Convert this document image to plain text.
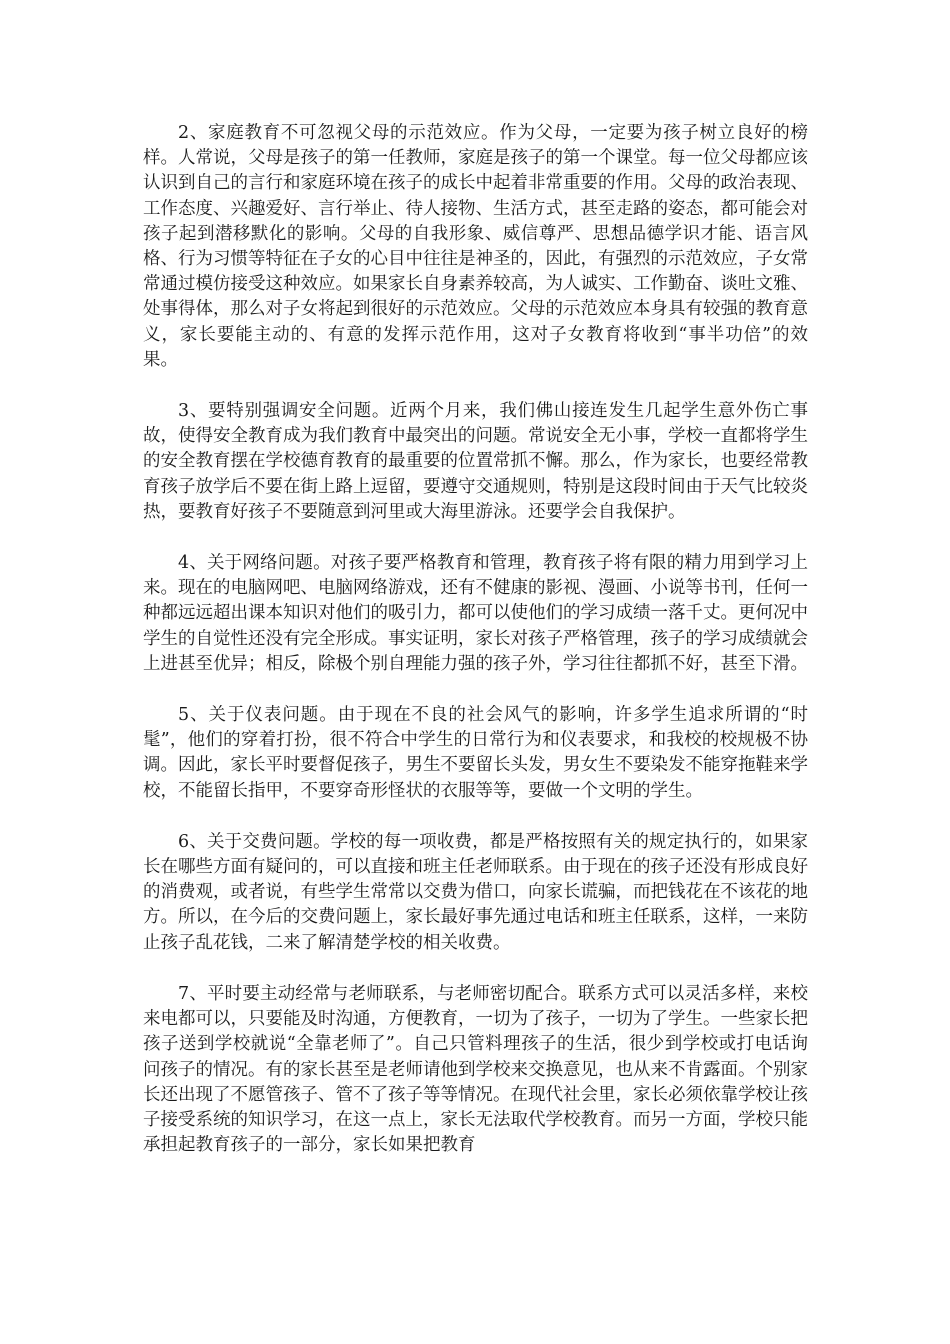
2、家庭教育不可忽视父母的示范效应。作为父母，一定要为孩子树立良好的榜样。人常说，父母是孩子的第一任教师，家庭是孩子的第一个课堂。每一位父母都应该认识到自己的言行和家庭环境在孩子的成长中起着非常重要的作用。父母的政治表现、工作态度、兴趣爱好、言行举止、待人接物、生活方式，甚至走路的姿态，都可能会对孩子起到潜移默化的影响。父母的自我形象、威信尊严、思想品德学识才能、语言风格、行为习惯等特征在子女的心目中往往是神圣的，因此，有强烈的示范效应，子女常常通过模仿接受这种效应。如果家长自身素养较高，为人诚实、工作勤奋、谈吐文雅、处事得体，那么对子女将起到很好的示范效应。父母的示范效应本身具有较强的教育意义，家长要能主动的、有意的发挥示范作用，这对子女教育将收到“事半功倍”的效果。

3、要特别强调安全问题。近两个月来，我们佛山接连发生几起学生意外伤亡事故，使得安全教育成为我们教育中最突出的问题。常说安全无小事，学校一直都将学生的安全教育摆在学校德育教育的最重要的位置常抓不懈。那么，作为家长，也要经常教育孩子放学后不要在街上路上逗留，要遵守交通规则，特别是这段时间由于天气比较炎热，要教育好孩子不要随意到河里或大海里游泳。还要学会自我保护。

4、关于网络问题。对孩子要严格教育和管理，教育孩子将有限的精力用到学习上来。现在的电脑网吧、电脑网络游戏，还有不健康的影视、漫画、小说等书刊，任何一种都远远超出课本知识对他们的吸引力，都可以使他们的学习成绩一落千丈。更何况中学生的自觉性还没有完全形成。事实证明，家长对孩子严格管理，孩子的学习成绩就会上进甚至优异；相反，除极个别自理能力强的孩子外，学习往往都抓不好，甚至下滑。

5、关于仪表问题。由于现在不良的社会风气的影响，许多学生追求所谓的“时髦”，他们的穿着打扮，很不符合中学生的日常行为和仪表要求，和我校的校规极不协调。因此，家长平时要督促孩子，男生不要留长头发，男女生不要染发不能穿拖鞋来学校，不能留长指甲，不要穿奇形怪状的衣服等等，要做一个文明的学生。

6、关于交费问题。学校的每一项收费，都是严格按照有关的规定执行的，如果家长在哪些方面有疑问的，可以直接和班主任老师联系。由于现在的孩子还没有形成良好的消费观，或者说，有些学生常常以交费为借口，向家长谎骗，而把钱花在不该花的地方。所以，在今后的交费问题上，家长最好事先通过电话和班主任联系，这样，一来防止孩子乱花钱，二来了解清楚学校的相关收费。

7、平时要主动经常与老师联系，与老师密切配合。联系方式可以灵活多样，来校来电都可以，只要能及时沟通，方便教育，一切为了孩子，一切为了学生。一些家长把孩子送到学校就说“全靠老师了”。自己只管料理孩子的生活，很少到学校或打电话询问孩子的情况。有的家长甚至是老师请他到学校来交换意见，也从来不肯露面。个别家长还出现了不愿管孩子、管不了孩子等等情况。在现代社会里，家长必须依靠学校让孩子接受系统的知识学习，在这一点上，家长无法取代学校教育。而另一方面，学校只能承担起教育孩子的一部分，家长如果把教育
